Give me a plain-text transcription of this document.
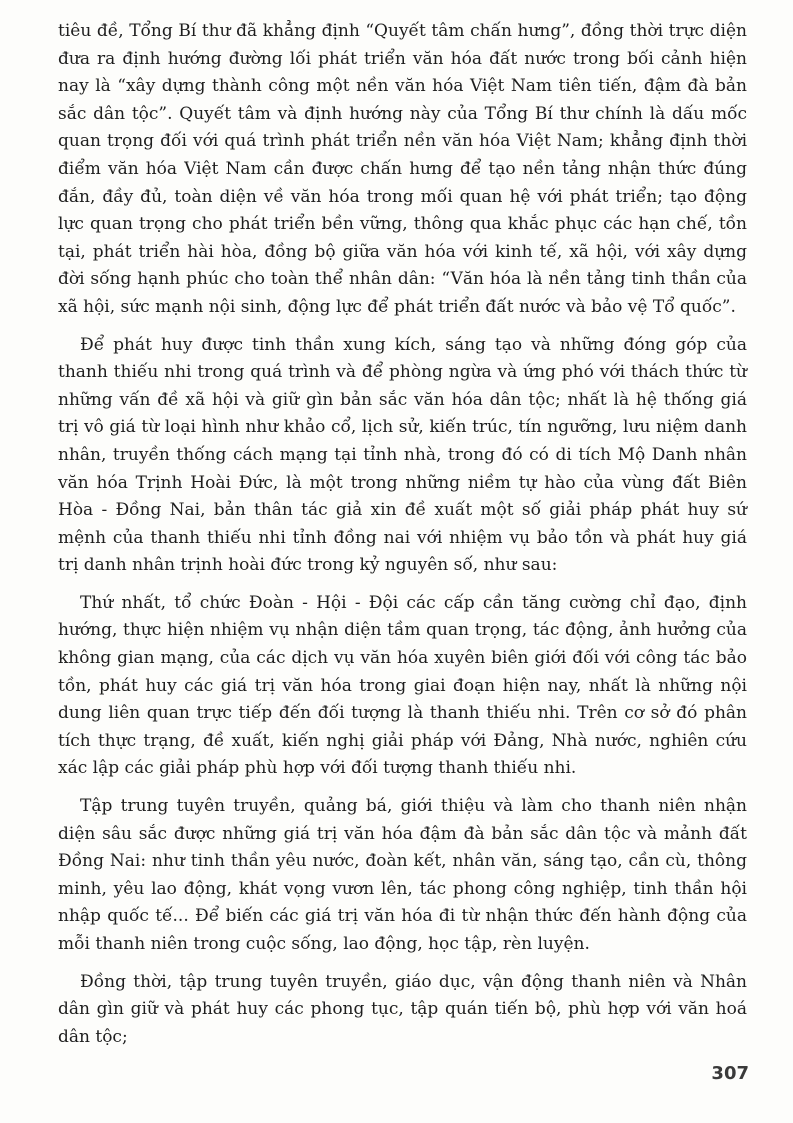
tiêu đề, Tổng Bí thư đã khẳng định “Quyết tâm chấn hưng”, đồng thời trực diện đưa ra định hướng đường lối phát triển văn hóa đất nước trong bối cảnh hiện nay là “xây dựng thành công một nền văn hóa Việt Nam tiên tiến, đậm đà bản sắc dân tộc”. Quyết tâm và định hướng này của Tổng Bí thư chính là dấu mốc quan trọng đối với quá trình phát triển nền văn hóa Việt Nam; khẳng định thời điểm văn hóa Việt Nam cần được chấn hưng để tạo nền tảng nhận thức đúng đắn, đầy đủ, toàn diện về văn hóa trong mối quan hệ với phát triển; tạo động lực quan trọng cho phát triển bền vững, thông qua khắc phục các hạn chế, tồn tại, phát triển hài hòa, đồng bộ giữa văn hóa với kinh tế, xã hội, với xây dựng đời sống hạnh phúc cho toàn thể nhân dân: “Văn hóa là nền tảng tinh thần của xã hội, sức mạnh nội sinh, động lực để phát triển đất nước và bảo vệ Tổ quốc”.

Để phát huy được tinh thần xung kích, sáng tạo và những đóng góp của thanh thiếu nhi trong quá trình và để phòng ngừa và ứng phó với thách thức từ những vấn đề xã hội và giữ gìn bản sắc văn hóa dân tộc; nhất là hệ thống giá trị vô giá từ loại hình như khảo cổ, lịch sử, kiến trúc, tín ngưỡng, lưu niệm danh nhân, truyền thống cách mạng tại tỉnh nhà, trong đó có di tích Mộ Danh nhân văn hóa Trịnh Hoài Đức, là một trong những niềm tự hào của vùng đất Biên Hòa - Đồng Nai, bản thân tác giả xin đề xuất một số giải pháp phát huy sứ mệnh của thanh thiếu nhi tỉnh đồng nai với nhiệm vụ bảo tồn và phát huy giá trị danh nhân trịnh hoài đức trong kỷ nguyên số, như sau:

Thứ nhất, tổ chức Đoàn - Hội - Đội các cấp cần tăng cường chỉ đạo, định hướng, thực hiện nhiệm vụ nhận diện tầm quan trọng, tác động, ảnh hưởng của không gian mạng, của các dịch vụ văn hóa xuyên biên giới đối với công tác bảo tồn, phát huy các giá trị văn hóa trong giai đoạn hiện nay, nhất là những nội dung liên quan trực tiếp đến đối tượng là thanh thiếu nhi. Trên cơ sở đó phân tích thực trạng, đề xuất, kiến nghị giải pháp với Đảng, Nhà nước, nghiên cứu xác lập các giải pháp phù hợp với đối tượng thanh thiếu nhi.

Tập trung tuyên truyền, quảng bá, giới thiệu và làm cho thanh niên nhận diện sâu sắc được những giá trị văn hóa đậm đà bản sắc dân tộc và mảnh đất Đồng Nai: như tinh thần yêu nước, đoàn kết, nhân văn, sáng tạo, cần cù, thông minh, yêu lao động, khát vọng vươn lên, tác phong công nghiệp, tinh thần hội nhập quốc tế... Để biến các giá trị văn hóa đi từ nhận thức đến hành động của mỗi thanh niên trong cuộc sống, lao động, học tập, rèn luyện.

Đồng thời, tập trung tuyên truyền, giáo dục, vận động thanh niên và Nhân dân gìn giữ và phát huy các phong tục, tập quán tiến bộ, phù hợp với văn hoá dân tộc;

307
